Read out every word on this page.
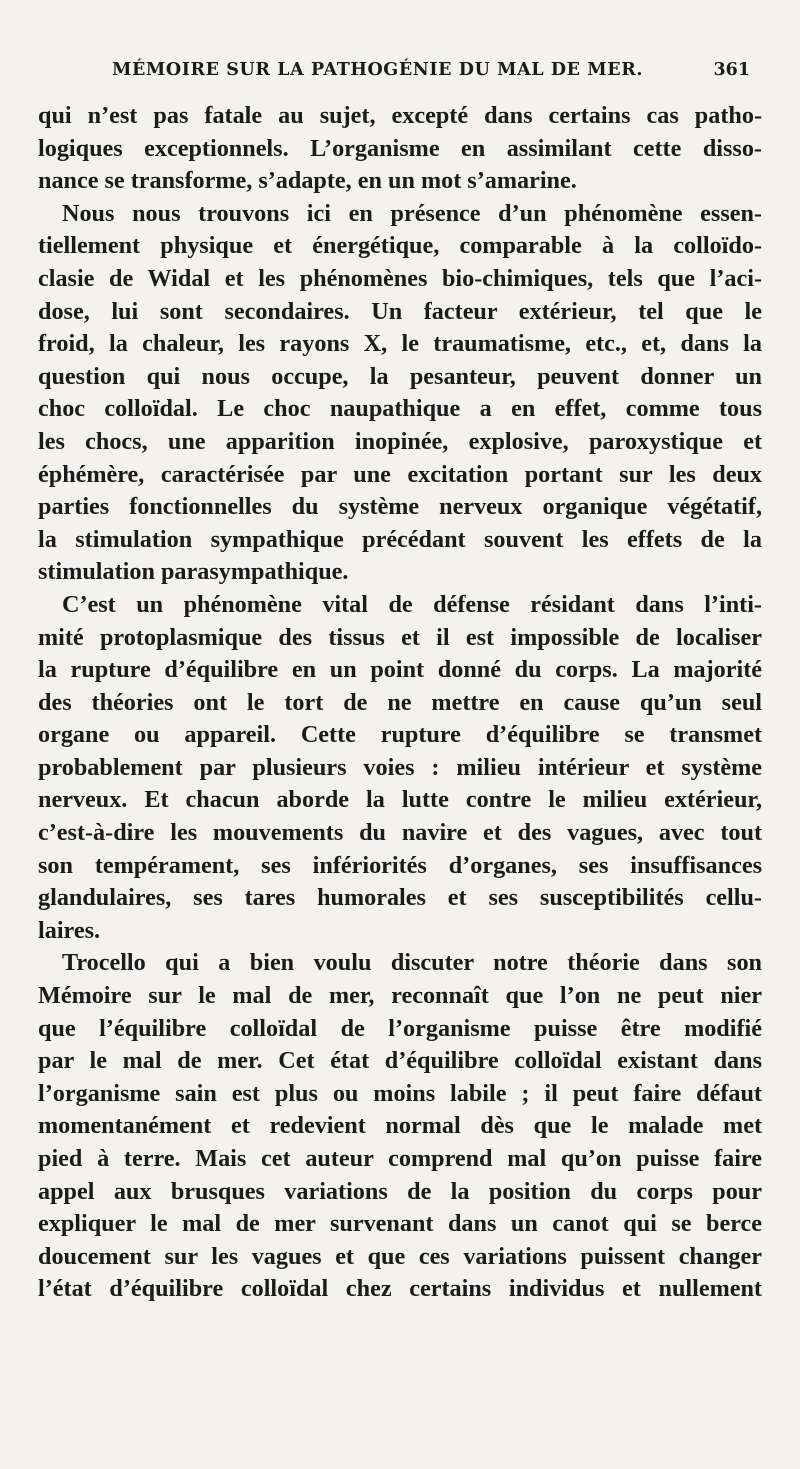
MÉMOIRE SUR LA PATHOGÉNIE DU MAL DE MER.	361
qui n’est pas fatale au sujet, excepté dans certains cas patho-
logiques exceptionnels. L’organisme en assimilant cette disso-
nance se transforme, s’adapte, en un mot s’amarine.
Nous nous trouvons ici en présence d’un phénomène essen-
tiellement physique et énergétique, comparable à la colloïdo-
clasie de Widal et les phénomènes bio-chimiques, tels que l’aci-
dose, lui sont secondaires. Un facteur extérieur, tel que le
froid, la chaleur, les rayons X, le traumatisme, etc., et, dans la
question qui nous occupe, la pesanteur, peuvent donner un
choc colloïdal. Le choc naupathique a en effet, comme tous
les chocs, une apparition inopinée, explosive, paroxystique et
éphémère, caractérisée par une excitation portant sur les deux
parties fonctionnelles du système nerveux organique végétatif,
la stimulation sympathique précédant souvent les effets de la
stimulation parasympathique.
C’est un phénomène vital de défense résidant dans l’inti-
mité protoplasmique des tissus et il est impossible de localiser
la rupture d’équilibre en un point donné du corps. La majorité
des théories ont le tort de ne mettre en cause qu’un seul
organe ou appareil. Cette rupture d’équilibre se transmet
probablement par plusieurs voies : milieu intérieur et système
nerveux. Et chacun aborde la lutte contre le milieu extérieur,
c’est-à-dire les mouvements du navire et des vagues, avec tout
son tempérament, ses infériorités d’organes, ses insuffisances
glandulaires, ses tares humorales et ses susceptibilités cellu-
laires.
Trocello qui a bien voulu discuter notre théorie dans son
Mémoire sur le mal de mer, reconnaît que l’on ne peut nier
que l’équilibre colloïdal de l’organisme puisse être modifié
par le mal de mer. Cet état d’équilibre colloïdal existant dans
l’organisme sain est plus ou moins labile ; il peut faire défaut
momentanément et redevient normal dès que le malade met
pied à terre. Mais cet auteur comprend mal qu’on puisse faire
appel aux brusques variations de la position du corps pour
expliquer le mal de mer survenant dans un canot qui se berce
doucement sur les vagues et que ces variations puissent changer
l’état d’équilibre colloïdal chez certains individus et nullement
